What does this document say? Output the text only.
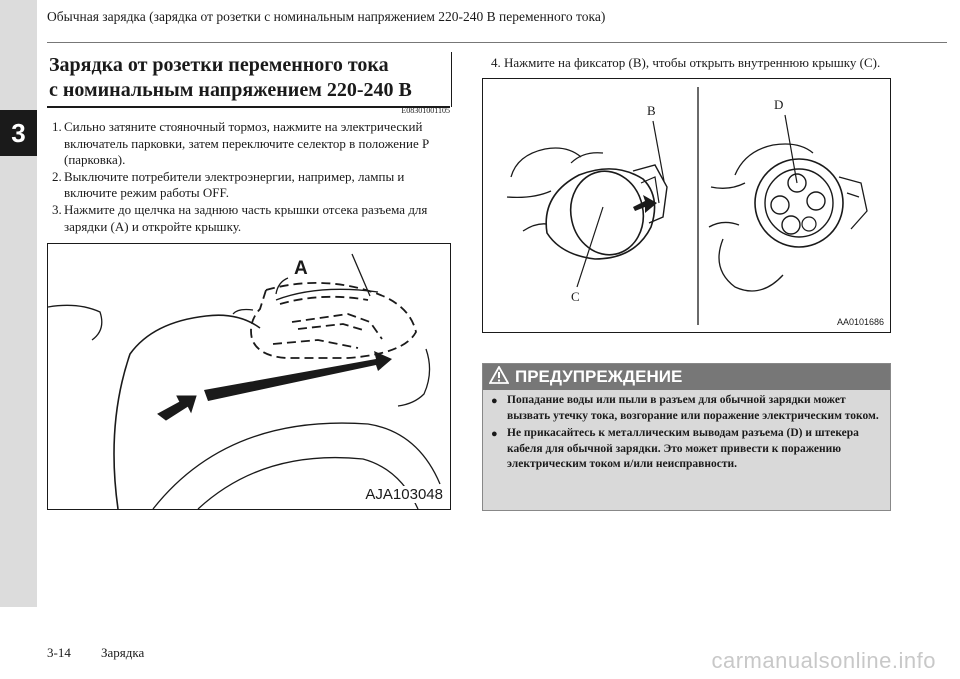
3
Обычная зарядка (зарядка от розетки с номинальным напряжением 220-240 В переменного тока)
Зарядка от розетки переменного тока
с номинальным напряжением 220-240 В
E08301001105
1. Сильно затяните стояночный тормоз, нажмите на электрический включатель парковки, затем переключите селектор в положение P (парковка).
2. Выключите потребители электроэнергии, например, лампы и включите режим работы OFF.
3. Нажмите до щелчка на заднюю часть крышки отсека разъема для зарядки (A) и откройте крышку.
A
AJA103048
4. Нажмите на фиксатор (B), чтобы открыть внутреннюю крышку (C).
B
C
D
AA0101686
ПРЕДУПРЕЖДЕНИЕ
● Попадание воды или пыли в разъем для обычной зарядки может вызвать утечку тока, возгорание или поражение электрическим током.
● Не прикасайтесь к металлическим выводам разъема (D) и штекера кабеля для обычной зарядки. Это может привести к поражению электрическим током и/или неисправности.
3-14 Зарядка	carmanualsonline.info
